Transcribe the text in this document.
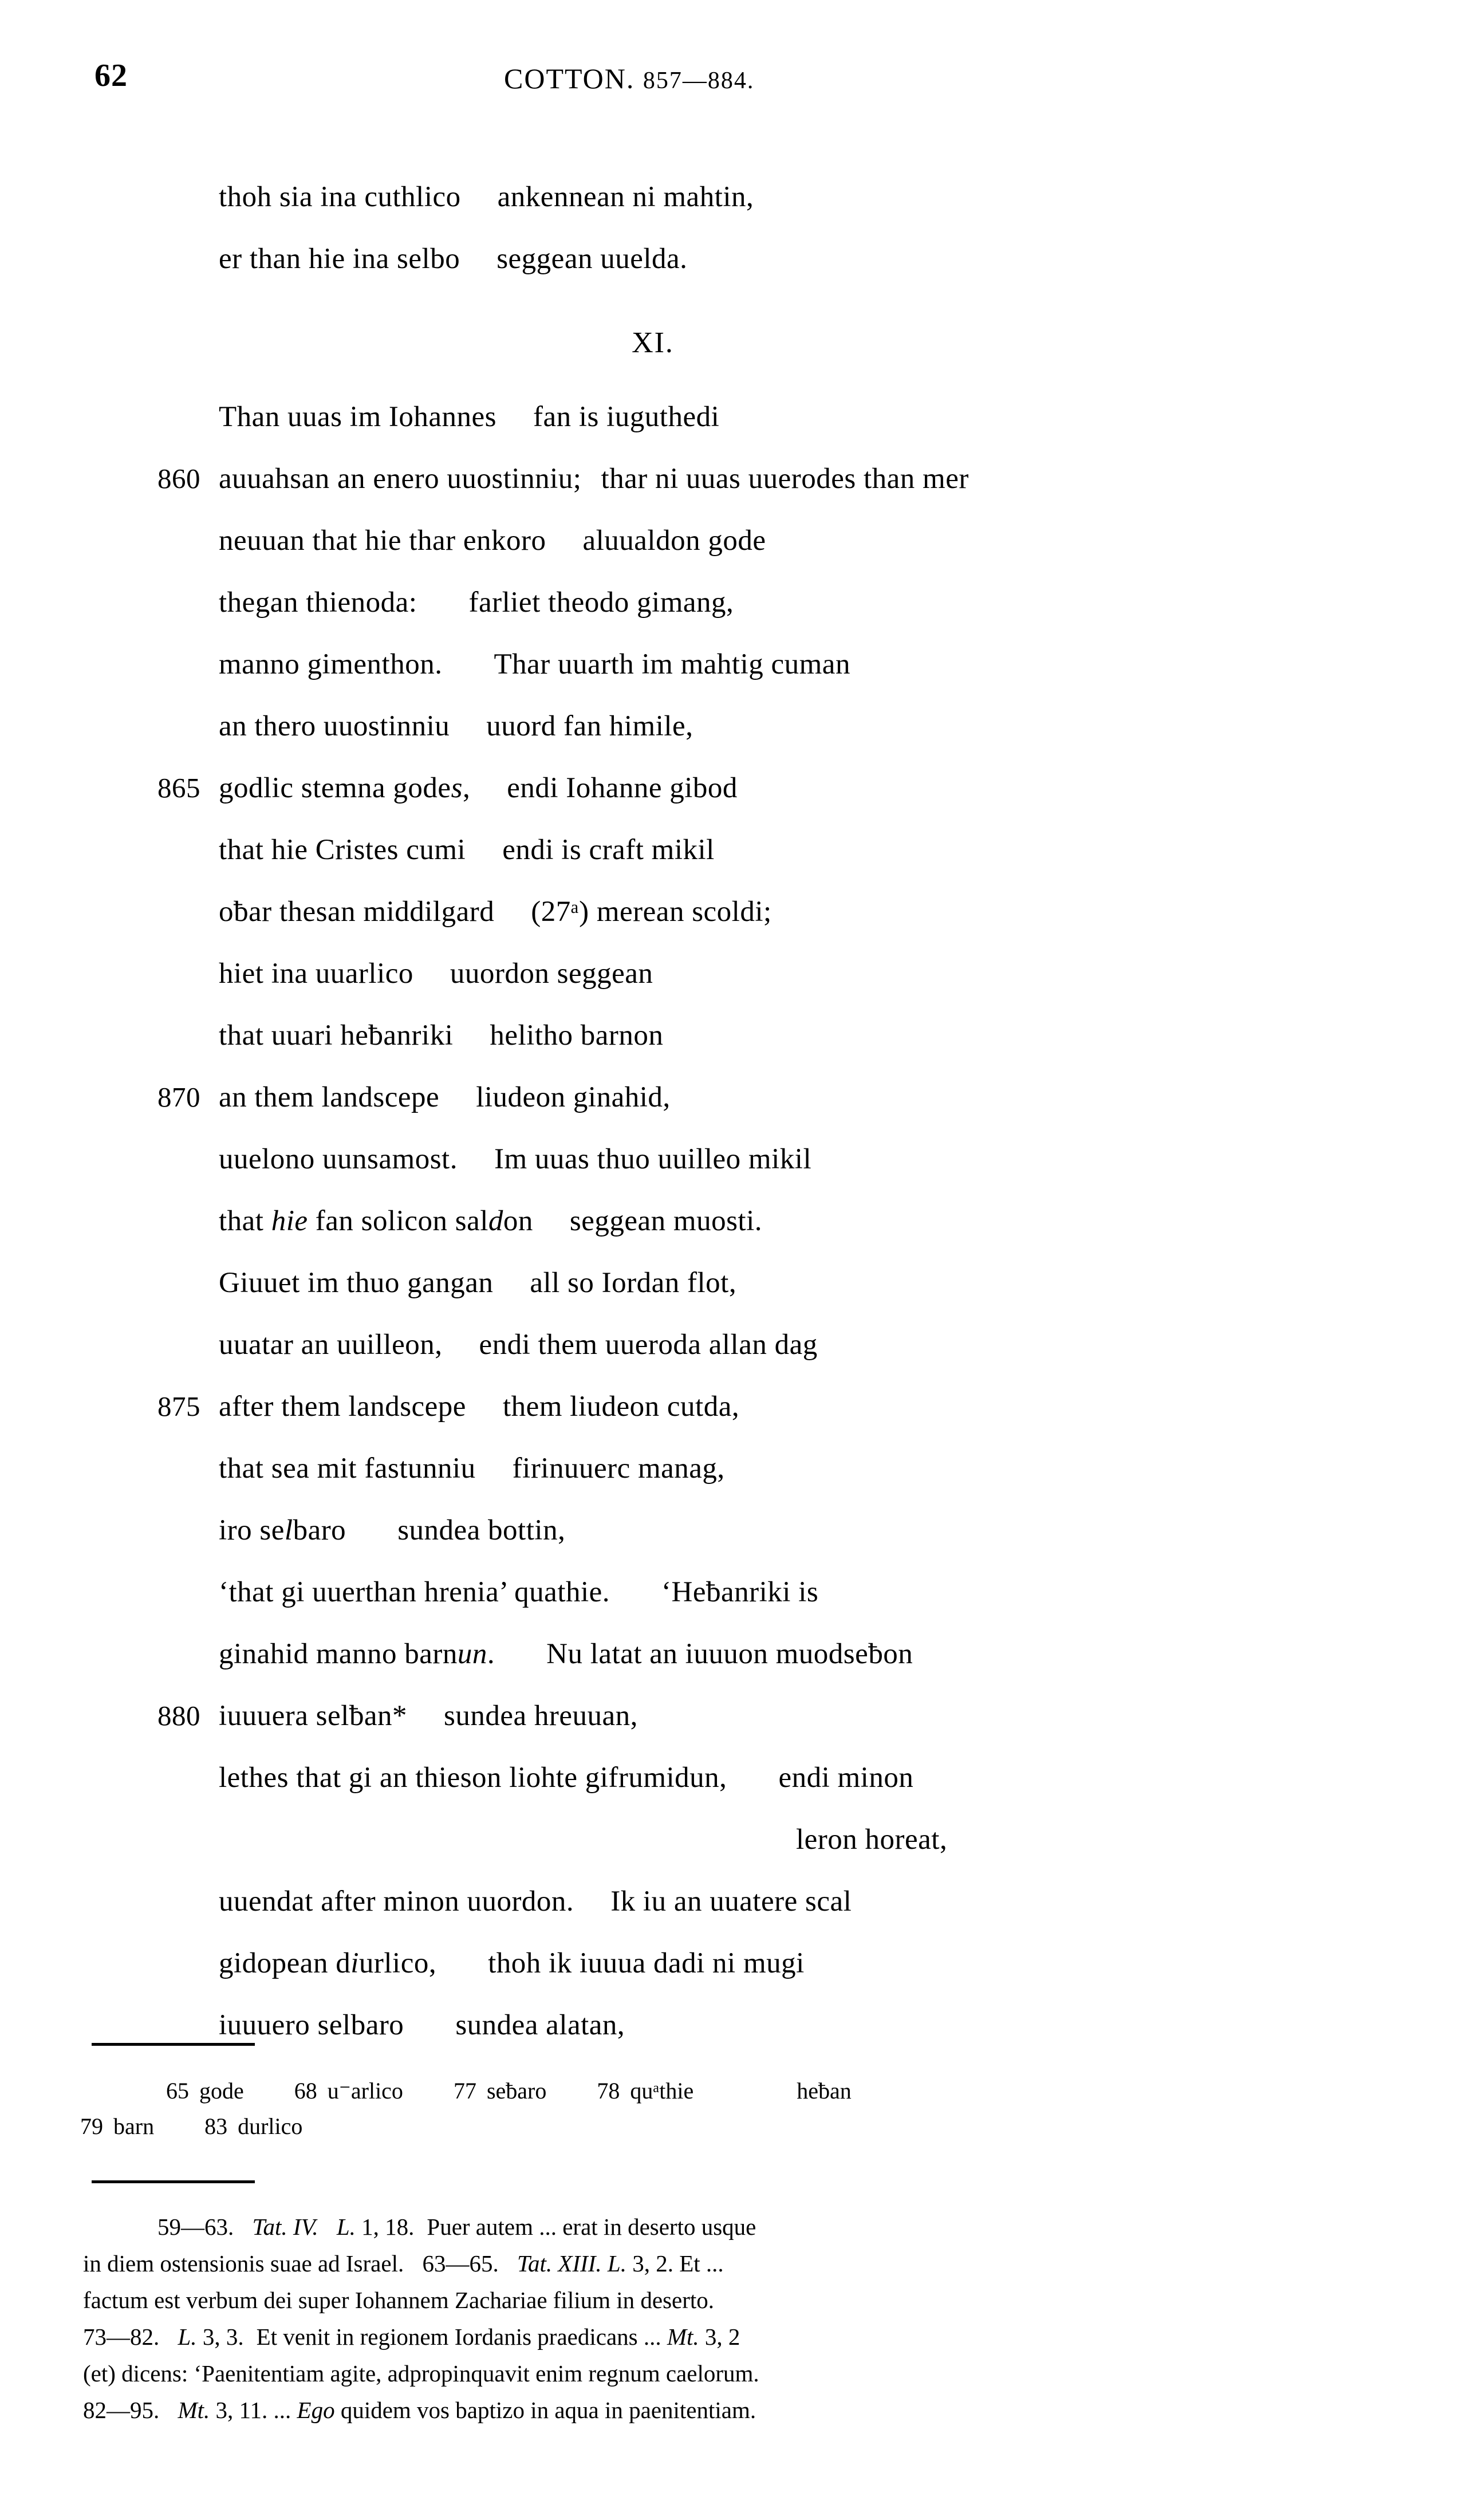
62	COTTON. 857—884.
thoh sia ina cuthlico ankennean ni mahtin,
er than hie ina selbo seggean uuelda.
XI.
Than uuas im Iohannes fan is iuguthedi
860 auuahsan an enero uuostinniu; thar ni uuas uuerodes than mer
neuuan that hie thar enkoro aluualdon gode
thegan thienoda: farliet theodo gimang,
manno gimenthon. Thar uuarth im mahtig cuman
an thero uuostinniu uuord fan himile,
865 godlic stemna godes, endi Iohanne gibod
that hie Cristes cumi endi is craft mikil
oƀar thesan middilgard (27ᵃ) merean scoldi;
hiet ina uuarlico uuordon seggean
that uuari heƀanriki helitho barnon
870 an them landscepe liudeon ginahid,
uuelono uunsamost. Im uuas thuo uuilleo mikil
that hie fan solicon saldon seggean muosti.
Giuuet im thuo gangan all so Iordan flot,
uuatar an uuilleon, endi them uueroda allan dag
875 after them landscepe them liudeon cutda,
that sea mit fastunniu firinuuerc manag,
iro selbaro sundea bottin,
‘that gi uuerthan hrenia’ quathie. ‘Heƀanriki is
ginahid manno barnun. Nu latat an iuuuon muodseƀon
880 iuuuera selƀan* sundea hreuuan,
lethes that gi an thieson liohte gifrumidun, endi minon
leron horeat,
uuendat after minon uuordon. Ik iu an uuatere scal
gidopean diurlico, thoh ik iuuua dadi ni mugi
iuuuero selbaro sundea alatan,
65 gode 68 u⁻arlico 77 seƀaro 78 quᵃthie	heƀan
79 barn 83 durlico
59—63. Tat. IV. L. 1, 18. Puer autem ... erat in deserto usque
in diem ostensionis suae ad Israel. 63—65. Tat. XIII. L. 3, 2. Et ...
factum est verbum dei super Iohannem Zachariae filium in deserto.
73—82. L. 3, 3. Et venit in regionem Iordanis praedicans ... Mt. 3, 2
(et) dicens: ‘Paenitentiam agite, adpropinquavit enim regnum caelorum.
82—95. Mt. 3, 11. ... Ego quidem vos baptizo in aqua in paenitentiam.
